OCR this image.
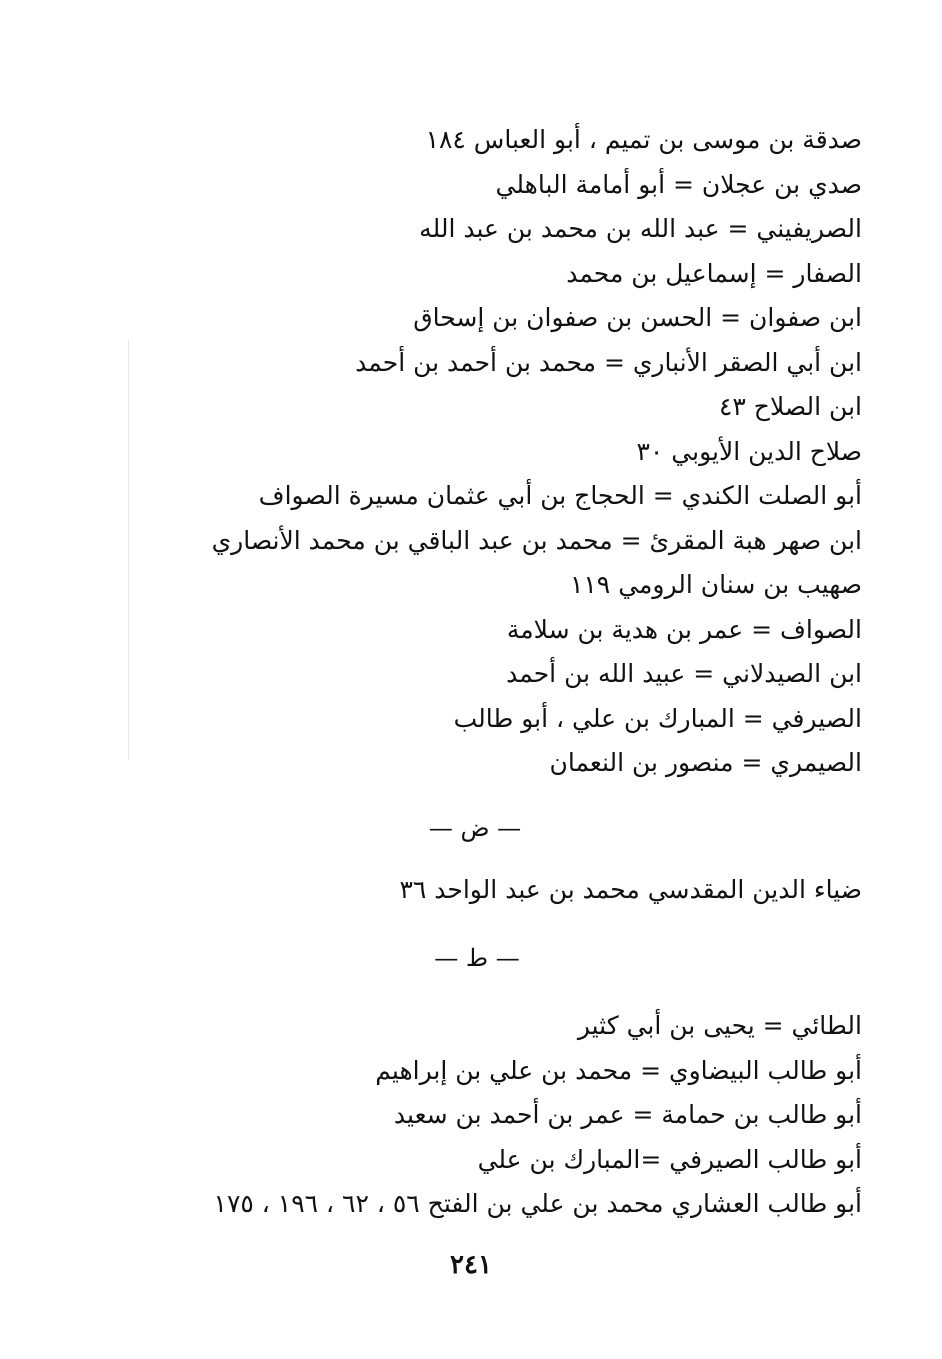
صدقة بن موسى بن تميم ، أبو العباس ١٨٤
صدي بن عجلان = أبو أمامة الباهلي
الصريفيني = عبد الله بن محمد بن عبد الله
الصفار = إسماعيل بن محمد
ابن صفوان = الحسن بن صفوان بن إسحاق
ابن أبي الصقر الأنباري = محمد بن أحمد بن أحمد
ابن الصلاح ٤٣
صلاح الدين الأيوبي ٣٠
أبو الصلت الكندي = الحجاج بن أبي عثمان مسيرة الصواف
ابن صهر هبة المقرئ = محمد بن عبد الباقي بن محمد الأنصاري
صهيب بن سنان الرومي ١١٩
الصواف = عمر بن هدية بن سلامة
ابن الصيدلاني = عبيد الله بن أحمد
الصيرفي = المبارك بن علي ، أبو طالب
الصيمري = منصور بن النعمان
— ض —
ضياء الدين المقدسي محمد بن عبد الواحد ٣٦
— ط —
الطائي = يحيى بن أبي كثير
أبو طالب البيضاوي = محمد بن علي بن إبراهيم
أبو طالب بن حمامة = عمر بن أحمد بن سعيد
أبو طالب الصيرفي =المبارك بن علي
أبو طالب العشاري محمد بن علي بن الفتح ٥٦ ، ٦٢ ، ١٩٦ ، ١٧٥
٢٤١
